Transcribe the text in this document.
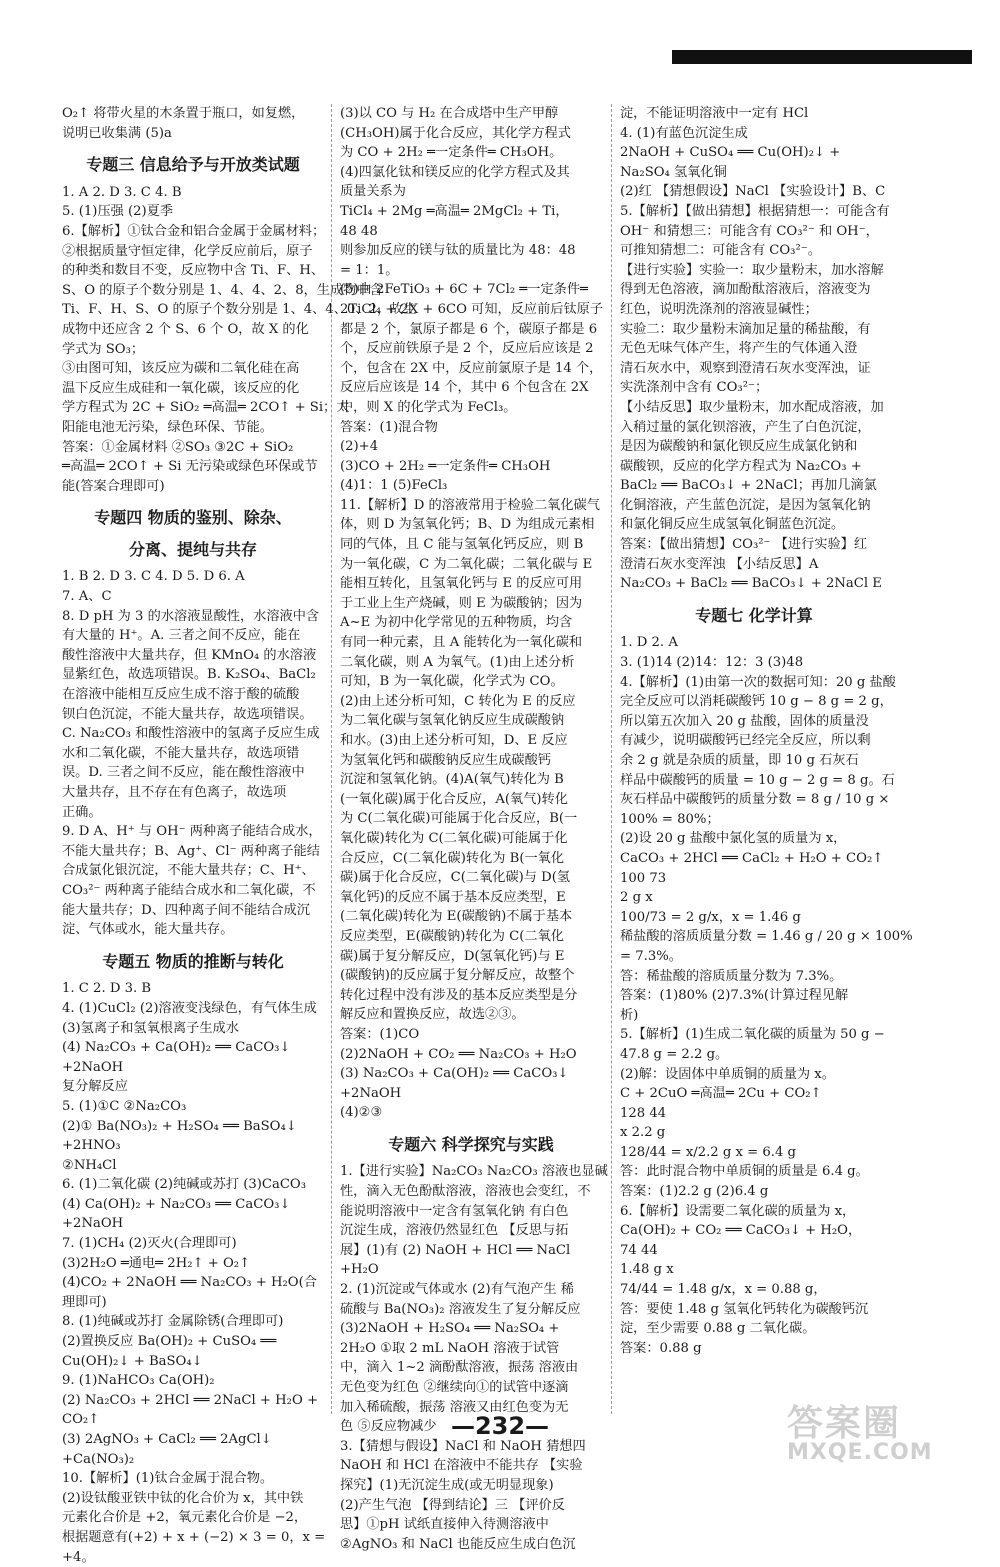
O₂↑ 将带火星的木条置于瓶口，如复燃，
说明已收集满 (5)a
专题三 信息给予与开放类试题
1. A 2. D 3. C 4. B
5. (1)压强 (2)夏季
6.【解析】①钛合金和铝合金属于金属材料；
②根据质量守恒定律，化学反应前后，原子
的种类和数目不变，反应物中含 Ti、F、H、
S、O 的原子个数分别是 1、4、4、2、8，生成物中含
Ti、F、H、S、O 的原子个数分别是 1、4、4、0、2，故生
成物中还应含 2 个 S、6 个 O，故 X 的化
学式为 SO₃；
③由图可知，该反应为碳和二氧化硅在高
温下反应生成硅和一氧化碳，该反应的化
学方程式为 2C + SiO₂ ═高温═ 2CO↑ + Si；太
阳能电池无污染，绿色环保、节能。
答案：①金属材料 ②SO₃ ③2C + SiO₂
═高温═ 2CO↑ + Si 无污染或绿色环保或节
能(答案合理即可)
专题四 物质的鉴别、除杂、
分离、提纯与共存
1. B 2. D 3. C 4. D 5. D 6. A
7. A、C
8. D pH 为 3 的水溶液显酸性，水溶液中含
有大量的 H⁺。A. 三者之间不反应，能在
酸性溶液中大量共存，但 KMnO₄ 的水溶液
显紫红色，故选项错误。B. K₂SO₄、BaCl₂
在溶液中能相互反应生成不溶于酸的硫酸
钡白色沉淀，不能大量共存，故选项错误。
C. Na₂CO₃ 和酸性溶液中的氢离子反应生成
水和二氧化碳，不能大量共存，故选项错
误。D. 三者之间不反应，能在酸性溶液中
大量共存，且不存在有色离子，故选项
正确。
9. D A、H⁺ 与 OH⁻ 两种离子能结合成水，
不能大量共存；B、Ag⁺、Cl⁻ 两种离子能结
合成氯化银沉淀，不能大量共存；C、H⁺、
CO₃²⁻ 两种离子能结合成水和二氧化碳，不
能大量共存；D、四种离子间不能结合成沉
淀、气体或水，能大量共存。
专题五 物质的推断与转化
1. C 2. D 3. B
4. (1)CuCl₂ (2)溶液变浅绿色，有气体生成
(3)氢离子和氢氧根离子生成水
(4) Na₂CO₃ + Ca(OH)₂ ══ CaCO₃↓
+2NaOH
复分解反应
5. (1)①C ②Na₂CO₃
(2)① Ba(NO₃)₂ + H₂SO₄ ══ BaSO₄↓
+2HNO₃
②NH₄Cl
6. (1)二氧化碳 (2)纯碱或苏打 (3)CaCO₃
(4) Ca(OH)₂ + Na₂CO₃ ══ CaCO₃↓
+2NaOH
7. (1)CH₄ (2)灭火(合理即可)
(3)2H₂O ═通电═ 2H₂↑ + O₂↑
(4)CO₂ + 2NaOH ══ Na₂CO₃ + H₂O(合
理即可)
8. (1)纯碱或苏打 金属除锈(合理即可)
(2)置换反应 Ba(OH)₂ + CuSO₄ ══
Cu(OH)₂↓ + BaSO₄↓
9. (1)NaHCO₃ Ca(OH)₂
(2) Na₂CO₃ + 2HCl ══ 2NaCl + H₂O +
CO₂↑
(3) 2AgNO₃ + CaCl₂ ══ 2AgCl↓
+Ca(NO₃)₂
10.【解析】(1)钛合金属于混合物。
(2)设钛酸亚铁中钛的化合价为 x，其中铁
元素化合价是 +2，氧元素化合价是 −2，
根据题意有(+2) + x + (−2) × 3 = 0，x =
+4。
(3)以 CO 与 H₂ 在合成塔中生产甲醇
(CH₃OH)属于化合反应，其化学方程式
为 CO + 2H₂ ═一定条件═ CH₃OH。
(4)四氯化钛和镁反应的化学方程式及其
质量关系为
TiCl₄ + 2Mg ═高温═ 2MgCl₂ + Ti，
48 48
则参加反应的镁与钛的质量比为 48：48
= 1：1。
(5)由 2FeTiO₃ + 6C + 7Cl₂ ═一定条件═
2TiCl₄ + 2X + 6CO 可知，反应前后钛原子
都是 2 个，氯原子都是 6 个，碳原子都是 6
个，反应前铁原子是 2 个，反应后应该是 2
个，包含在 2X 中，反应前氯原子是 14 个，
反应后应该是 14 个，其中 6 个包含在 2X
中，则 X 的化学式为 FeCl₃。
答案：(1)混合物
(2)+4
(3)CO + 2H₂ ═一定条件═ CH₃OH
(4)1：1 (5)FeCl₃
11.【解析】D 的溶液常用于检验二氧化碳气
体，则 D 为氢氧化钙；B、D 为组成元素相
同的气体，且 C 能与氢氧化钙反应，则 B
为一氧化碳，C 为二氧化碳；二氧化碳与 E
能相互转化，且氢氧化钙与 E 的反应可用
于工业上生产烧碱，则 E 为碳酸钠；因为
A~E 为初中化学常见的五种物质，均含
有同一种元素，且 A 能转化为一氧化碳和
二氧化碳，则 A 为氧气。(1)由上述分析
可知，B 为一氧化碳，化学式为 CO。
(2)由上述分析可知，C 转化为 E 的反应
为二氧化碳与氢氧化钠反应生成碳酸钠
和水。(3)由上述分析可知，D、E 反应
为氢氧化钙和碳酸钠反应生成碳酸钙
沉淀和氢氧化钠。(4)A(氧气)转化为 B
(一氧化碳)属于化合反应，A(氧气)转化
为 C(二氧化碳)可能属于化合反应，B(一
氧化碳)转化为 C(二氧化碳)可能属于化
合反应，C(二氧化碳)转化为 B(一氧化
碳)属于化合反应，C(二氧化碳)与 D(氢
氧化钙)的反应不属于基本反应类型，E
(二氧化碳)转化为 E(碳酸钠)不属于基本
反应类型，E(碳酸钠)转化为 C(二氧化
碳)属于复分解反应，D(氢氧化钙)与 E
(碳酸钠)的反应属于复分解反应，故整个
转化过程中没有涉及的基本反应类型是分
解反应和置换反应，故选②③。
答案：(1)CO
(2)2NaOH + CO₂ ══ Na₂CO₃ + H₂O
(3) Na₂CO₃ + Ca(OH)₂ ══ CaCO₃↓
+2NaOH
(4)②③
专题六 科学探究与实践
1.【进行实验】Na₂CO₃ Na₂CO₃ 溶液也显碱
性，滴入无色酚酞溶液，溶液也会变红，不
能说明溶液中一定含有氢氧化钠 有白色
沉淀生成，溶液仍然显红色 【反思与拓
展】(1)有 (2) NaOH + HCl ══ NaCl
+H₂O
2. (1)沉淀或气体或水 (2)有气泡产生 稀
硫酸与 Ba(NO₃)₂ 溶液发生了复分解反应
(3)2NaOH + H₂SO₄ ══ Na₂SO₄ +
2H₂O ①取 2 mL NaOH 溶液于试管
中，滴入 1~2 滴酚酞溶液，振荡 溶液由
无色变为红色 ②继续向①的试管中逐滴
加入稀硫酸，振荡 溶液又由红色变为无
色 ⑤反应物减少
3.【猜想与假设】NaCl 和 NaOH 猜想四
NaOH 和 HCl 在溶液中不能共存 【实验
探究】(1)无沉淀生成(或无明显现象)
(2)产生气泡 【得到结论】三 【评价反
思】①pH 试纸直接伸入待测溶液中
②AgNO₃ 和 NaCl 也能反应生成白色沉
淀，不能证明溶液中一定有 HCl
4. (1)有蓝色沉淀生成
2NaOH + CuSO₄ ══ Cu(OH)₂↓ +
Na₂SO₄ 氢氧化铜
(2)红 【猜想假设】NaCl 【实验设计】B、C
5.【解析】【做出猜想】根据猜想一：可能含有
OH⁻ 和猜想三：可能含有 CO₃²⁻ 和 OH⁻，
可推知猜想二：可能含有 CO₃²⁻。
【进行实验】实验一：取少量粉末，加水溶解
得到无色溶液，滴加酚酞溶液后，溶液变为
红色，说明洗涤剂的溶液显碱性；
实验二：取少量粉末滴加足量的稀盐酸，有
无色无味气体产生，将产生的气体通入澄
清石灰水中，观察到澄清石灰水变浑浊，证
实洗涤剂中含有 CO₃²⁻；
【小结反思】取少量粉末，加水配成溶液，加
入稍过量的氯化钡溶液，产生了白色沉淀，
是因为碳酸钠和氯化钡反应生成氯化钠和
碳酸钡，反应的化学方程式为 Na₂CO₃ +
BaCl₂ ══ BaCO₃↓ + 2NaCl；再加几滴氯
化铜溶液，产生蓝色沉淀，是因为氢氧化钠
和氯化铜反应生成氢氧化铜蓝色沉淀。
答案：【做出猜想】CO₃²⁻ 【进行实验】红
澄清石灰水变浑浊 【小结反思】A
Na₂CO₃ + BaCl₂ ══ BaCO₃↓ + 2NaCl E
专题七 化学计算
1. D 2. A
3. (1)14 (2)14：12：3 (3)48
4.【解析】(1)由第一次的数据可知：20 g 盐酸
完全反应可以消耗碳酸钙 10 g − 8 g = 2 g，
所以第五次加入 20 g 盐酸，固体的质量没
有减少，说明碳酸钙已经完全反应，所以剩
余 2 g 就是杂质的质量，即 10 g 石灰石
样品中碳酸钙的质量 = 10 g − 2 g = 8 g。石
灰石样品中碳酸钙的质量分数 = 8 g / 10 g ×
100% = 80%；
(2)设 20 g 盐酸中氯化氢的质量为 x，
CaCO₃ + 2HCl ══ CaCl₂ + H₂O + CO₂↑
100 73
2 g x
100/73 = 2 g/x，x = 1.46 g
稀盐酸的溶质质量分数 = 1.46 g / 20 g × 100%
= 7.3%。
答：稀盐酸的溶质质量分数为 7.3%。
答案：(1)80% (2)7.3%(计算过程见解
析)
5.【解析】(1)生成二氧化碳的质量为 50 g −
47.8 g = 2.2 g。
(2)解：设固体中单质铜的质量为 x。
C + 2CuO ═高温═ 2Cu + CO₂↑
128 44
x 2.2 g
128/44 = x/2.2 g x = 6.4 g
答：此时混合物中单质铜的质量是 6.4 g。
答案：(1)2.2 g (2)6.4 g
6.【解析】设需要二氧化碳的质量为 x，
Ca(OH)₂ + CO₂ ══ CaCO₃↓ + H₂O，
74 44
1.48 g x
74/44 = 1.48 g/x，x = 0.88 g，
答：要使 1.48 g 氢氧化钙转化为碳酸钙沉
淀，至少需要 0.88 g 二氧化碳。
答案：0.88 g
—232—	答案圈
MXQE.COM
